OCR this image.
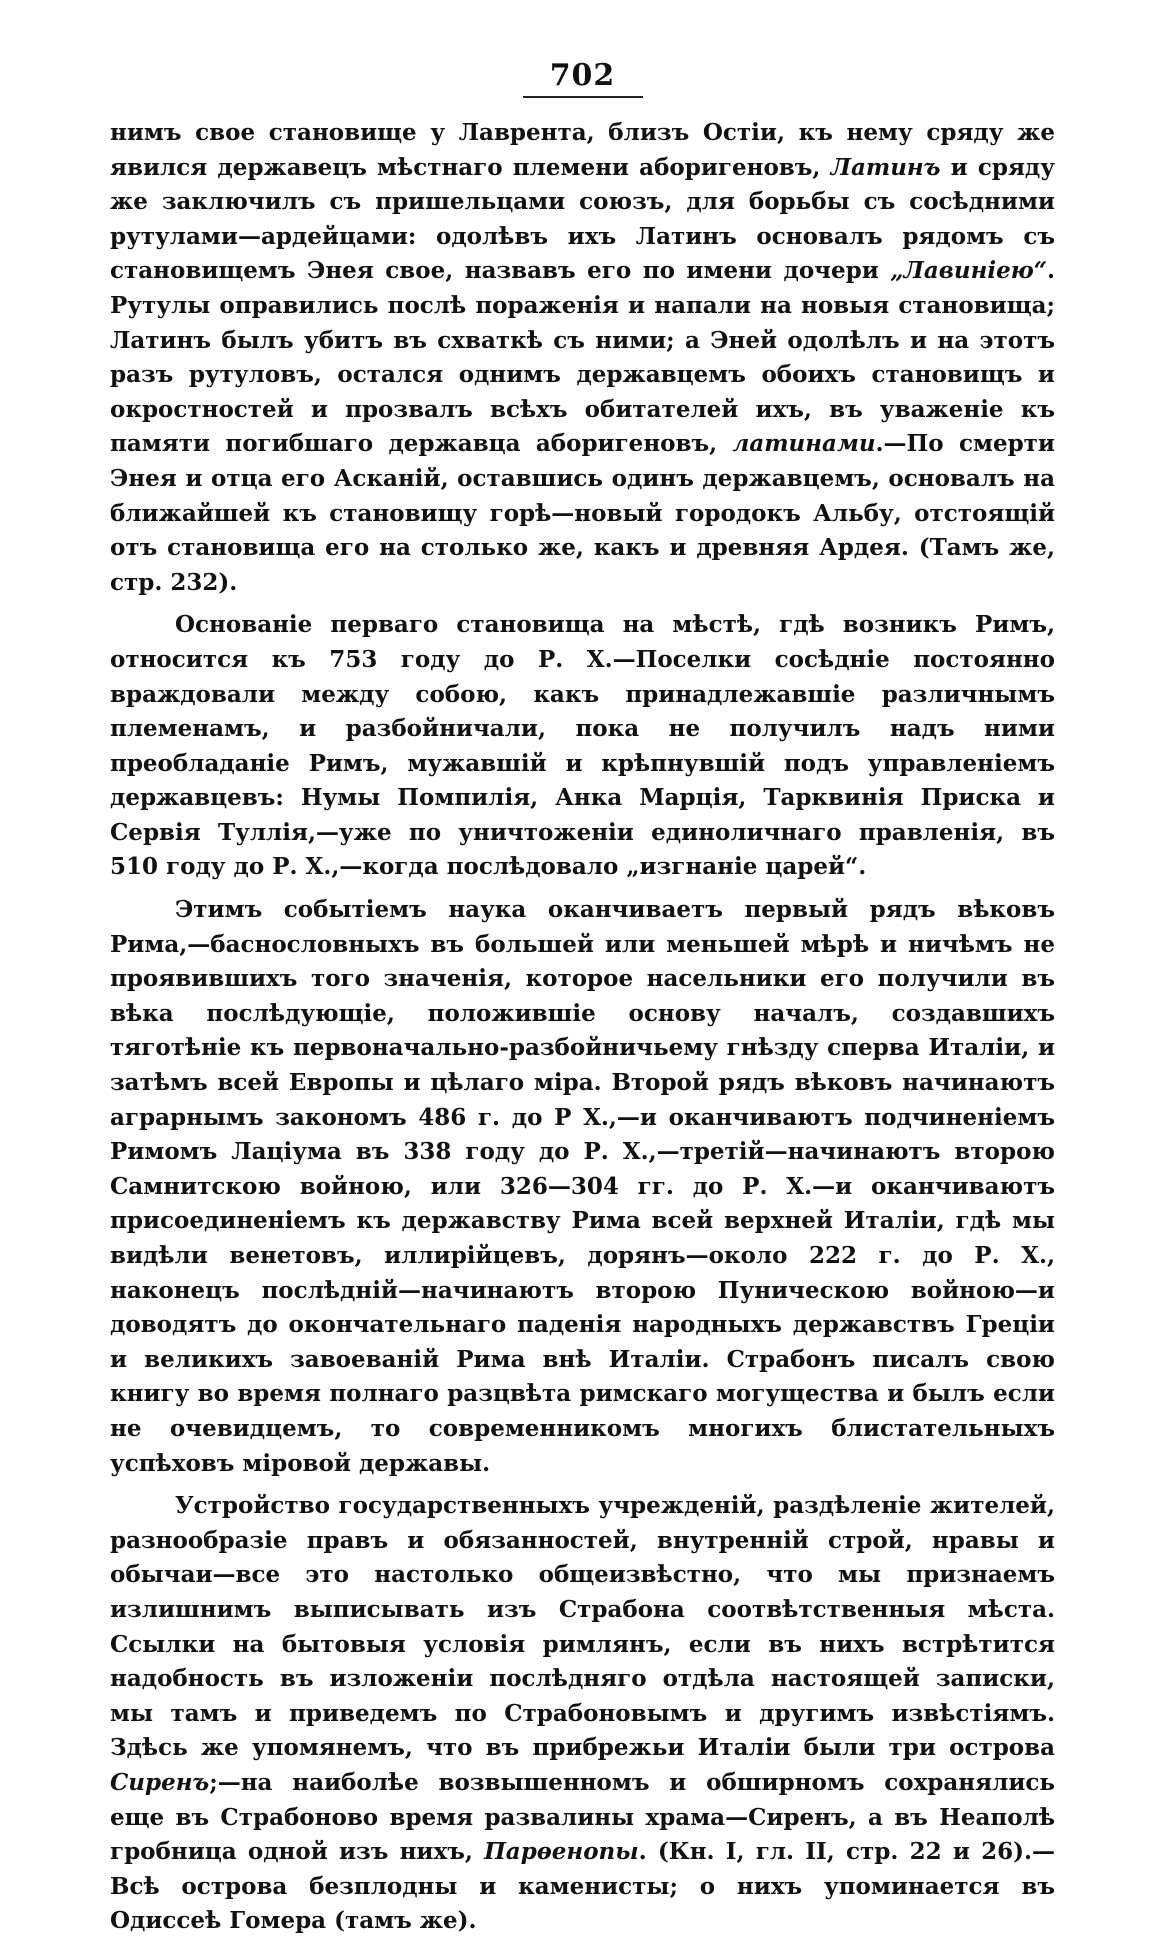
702

нимъ свое становище у Лаврента, близъ Остіи, къ нему сряду же явился державецъ мѣстнаго племени аборигеновъ, Латинъ и сряду же заключилъ съ пришельцами союзъ, для борьбы съ сосѣдними рутулами—ардейцами: одолѣвъ ихъ Латинъ основалъ рядомъ съ становищемъ Энея свое, назвавъ его по имени дочери „Лавиніею“. Рутулы оправились послѣ пораженія и напали на новыя становища; Латинъ былъ убитъ въ схваткѣ съ ними; а Эней одолѣлъ и на этотъ разъ рутуловъ, остался однимъ державцемъ обоихъ становищъ и окростностей и прозвалъ всѣхъ обитателей ихъ, въ уваженіе къ памяти погибшаго державца аборигеновъ, латинами.—По смерти Энея и отца его Асканій, оставшись одинъ державцемъ, основалъ на ближайшей къ становищу горѣ—новый городокъ Альбу, отстоящій отъ становища его на столько же, какъ и древняя Ардея. (Тамъ же, стр. 232).

Основаніе перваго становища на мѣстѣ, гдѣ возникъ Римъ, относится къ 753 году до Р. Х.—Поселки сосѣдніе постоянно враждовали между собою, какъ принадлежавшіе различнымъ племенамъ, и разбойничали, пока не получилъ надъ ними преобладаніе Римъ, мужавшій и крѣпнувшій подъ управленіемъ державцевъ: Нумы Помпилія, Анка Марція, Тарквинія Приска и Сервія Туллія,—уже по уничтоженіи единоличнаго правленія, въ 510 году до Р. Х.,—когда послѣдовало „изгнаніе царей“.

Этимъ событіемъ наука оканчиваетъ первый рядъ вѣковъ Рима,—баснословныхъ въ большей или меньшей мѣрѣ и ничѣмъ не проявившихъ того значенія, которое насельники его получили въ вѣка послѣдующіе, положившіе основу началъ, создавшихъ тяготѣніе къ первоначально-разбойничьему гнѣзду сперва Италіи, и затѣмъ всей Европы и цѣлаго міра. Второй рядъ вѣковъ начинаютъ аграрнымъ закономъ 486 г. до Р Х.,—и оканчиваютъ подчиненіемъ Римомъ Лаціума въ 338 году до Р. Х.,—третій—начинаютъ второю Самнитскою войною, или 326—304 гг. до Р. Х.—и оканчиваютъ присоединеніемъ къ державству Рима всей верхней Италіи, гдѣ мы видѣли венетовъ, иллирійцевъ, дорянъ—около 222 г. до Р. Х., наконецъ послѣдній—начинаютъ второю Пуническою войною—и доводятъ до окончательнаго паденія народныхъ державствъ Греціи и великихъ завоеваній Рима внѣ Италіи. Страбонъ писалъ свою книгу во время полнаго разцвѣта римскаго могущества и былъ если не очевидцемъ, то современникомъ многихъ блистательныхъ успѣховъ міровой державы.

Устройство государственныхъ учрежденій, раздѣленіе жителей, разнообразіе правъ и обязанностей, внутренній строй, нравы и обычаи—все это настолько общеизвѣстно, что мы признаемъ излишнимъ выписывать изъ Страбона соотвѣтственныя мѣста. Ссылки на бытовыя условія римлянъ, если въ нихъ встрѣтится надобность въ изложеніи послѣдняго отдѣла настоящей записки, мы тамъ и приведемъ по Страбоновымъ и другимъ извѣстіямъ. Здѣсь же упомянемъ, что въ прибрежьи Италіи были три острова Сиренъ;—на наиболѣе возвышенномъ и обширномъ сохранялись еще въ Страбоново время развалины храма—Сиренъ, а въ Неаполѣ гробница одной изъ нихъ, Парѳенопы. (Кн. I, гл. II, стр. 22 и 26).—Всѣ острова безплодны и каменисты; о нихъ упоминается въ Одиссеѣ Гомера (тамъ же).
